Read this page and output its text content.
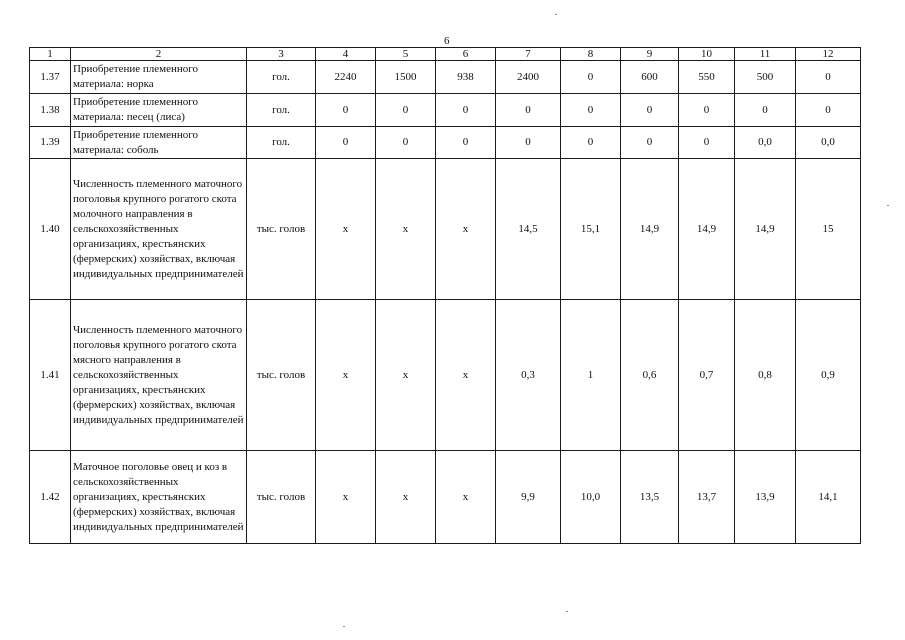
6
1	2	3	4	5	6	7	8	9	10	11	12
1.37	Приобретение племенного материала: норка	гол.	2240	1500	938	2400	0	600	550	500	0
1.38	Приобретение племенного материала: песец (лиса)	гол.	0	0	0	0	0	0	0	0	0
1.39	Приобретение племенного материала: соболь	гол.	0	0	0	0	0	0	0	0,0	0,0
1.40	Численность племенного маточного поголовья крупного рогатого скота молочного направления в сельскохозяйственных организациях, крестьянских (фермерских) хозяйствах, включая индивидуальных предпринимателей	тыс. голов	х	х	х	14,5	15,1	14,9	14,9	14,9	15
1.41	Численность племенного маточного поголовья крупного рогатого скота мясного направления в сельскохозяйственных организациях, крестьянских (фермерских) хозяйствах, включая индивидуальных предпринимателей	тыс. голов	х	х	х	0,3	1	0,6	0,7	0,8	0,9
1.42	Маточное поголовье овец и коз в сельскохозяйственных организациях, крестьянских (фермерских) хозяйствах, включая индивидуальных предпринимателей	тыс. голов	х	х	х	9,9	10,0	13,5	13,7	13,9	14,1
